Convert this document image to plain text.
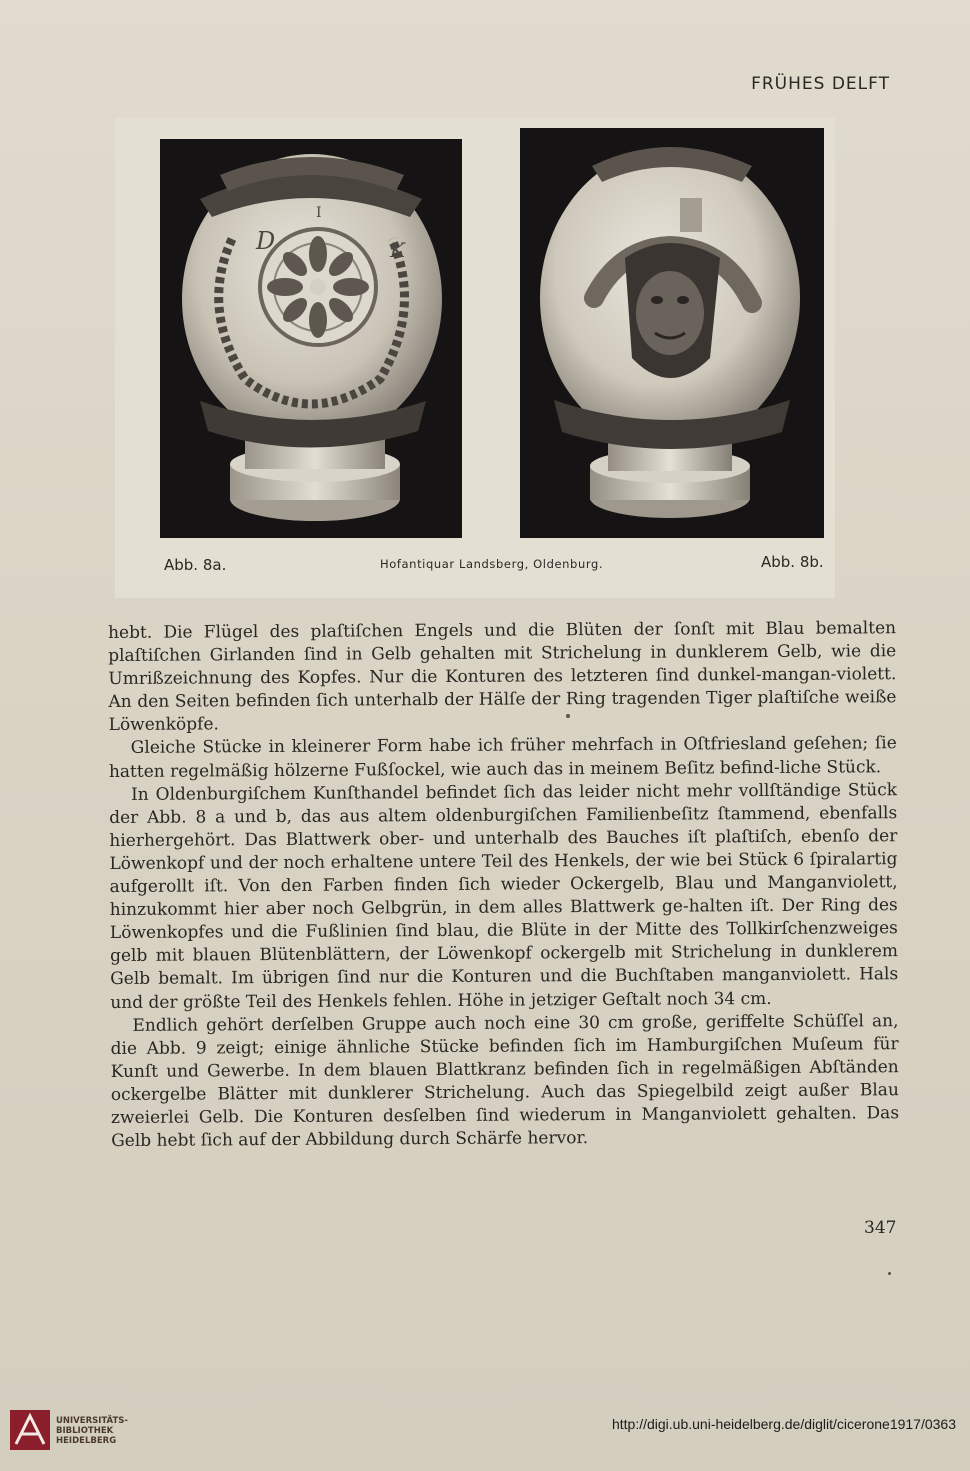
FRÜHES DELFT
D	K
I
Abb. 8a.	Hofantiquar Landsberg, Oldenburg.	Abb. 8b.

hebt. Die Flügel des plaſtiſchen Engels und die Blüten der ſonſt mit Blau bemalten plaſtiſchen Girlanden ſind in Gelb gehalten mit Strichelung in dunklerem Gelb, wie die Umrißzeichnung des Kopfes. Nur die Konturen des letzteren ſind dunkel-mangan-violett. An den Seiten befinden ſich unterhalb der Hälſe der Ring tragenden Tiger plaſtiſche weiße Löwenköpfe.

Gleiche Stücke in kleinerer Form habe ich früher mehrfach in Oſtfriesland geſehen; ſie hatten regelmäßig hölzerne Fußſockel, wie auch das in meinem Beſitz befind-liche Stück.

In Oldenburgiſchem Kunſthandel befindet ſich das leider nicht mehr vollſtändige Stück der Abb. 8 a und b, das aus altem oldenburgiſchen Familienbeſitz ſtammend, ebenfalls hierhergehört. Das Blattwerk ober- und unterhalb des Bauches iſt plaſtiſch, ebenſo der Löwenkopf und der noch erhaltene untere Teil des Henkels, der wie bei Stück 6 ſpiralartig aufgerollt iſt. Von den Farben finden ſich wieder Ockergelb, Blau und Manganviolett, hinzukommt hier aber noch Gelbgrün, in dem alles Blattwerk ge-halten iſt. Der Ring des Löwenkopfes und die Fußlinien ſind blau, die Blüte in der Mitte des Tollkirſchenzweiges gelb mit blauen Blütenblättern, der Löwenkopf ockergelb mit Strichelung in dunklerem Gelb bemalt. Im übrigen ſind nur die Konturen und die Buchſtaben manganviolett. Hals und der größte Teil des Henkels fehlen. Höhe in jetziger Geſtalt noch 34 cm.

Endlich gehört derſelben Gruppe auch noch eine 30 cm große, geriffelte Schüſſel an, die Abb. 9 zeigt; einige ähnliche Stücke befinden ſich im Hamburgiſchen Muſeum für Kunſt und Gewerbe. In dem blauen Blattkranz befinden ſich in regelmäßigen Abſtänden ockergelbe Blätter mit dunklerer Strichelung. Auch das Spiegelbild zeigt außer Blau zweierlei Gelb. Die Konturen desſelben ſind wiederum in Manganviolett gehalten. Das Gelb hebt ſich auf der Abbildung durch Schärfe hervor.

347
UNIVERSITÄTS-
BIBLIOTHEK
HEIDELBERG
http://digi.ub.uni-heidelberg.de/diglit/cicerone1917/0363
